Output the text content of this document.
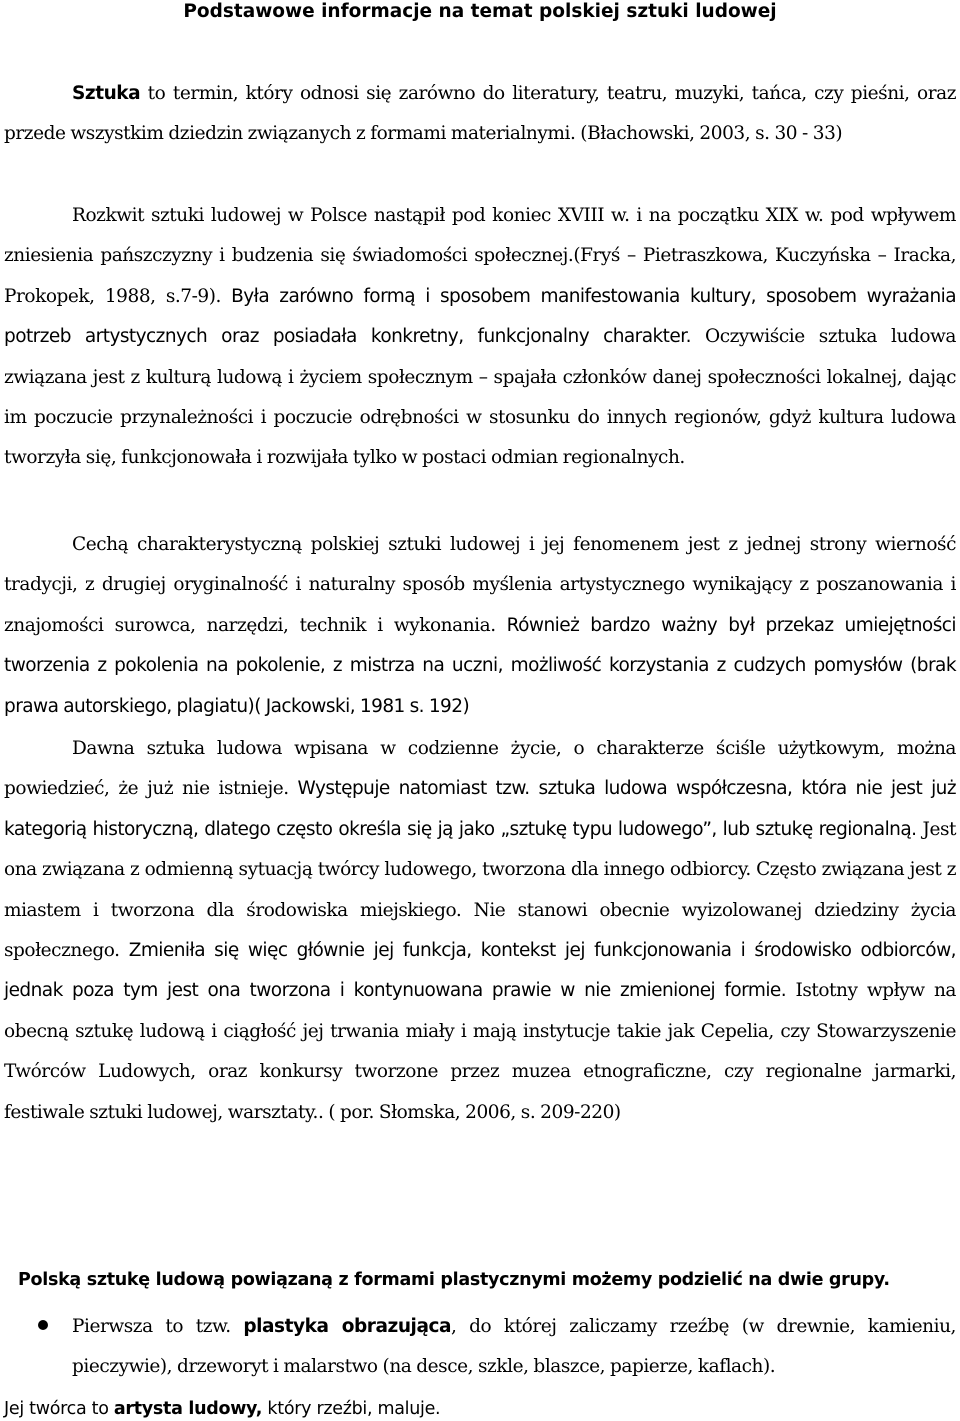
Podstawowe informacje na temat polskiej sztuki ludowej
Sztuka to termin, który odnosi się zarówno do literatury, teatru, muzyki, tańca, czy pieśni, oraz przede wszystkim dziedzin związanych z formami materialnymi. (Błachowski, 2003, s. 30 - 33)
Rozkwit sztuki ludowej w Polsce nastąpił pod koniec XVIII w. i na początku XIX w. pod wpływem zniesienia pańszczyzny i budzenia się świadomości społecznej.(Fryś – Pietraszkowa, Kuczyńska – Iracka, Prokopek, 1988, s.7-9). Była zarówno formą i sposobem manifestowania kultury, sposobem wyrażania potrzeb artystycznych oraz posiadała konkretny, funkcjonalny charakter. Oczywiście sztuka ludowa związana jest z kulturą ludową i życiem społecznym – spajała członków danej społeczności lokalnej, dając im poczucie przynależności i poczucie odrębności w stosunku do innych regionów, gdyż kultura ludowa tworzyła się, funkcjonowała i rozwijała tylko w postaci odmian regionalnych.
Cechą charakterystyczną polskiej sztuki ludowej i jej fenomenem jest z jednej strony wierność tradycji, z drugiej oryginalność i naturalny sposób myślenia artystycznego wynikający z poszanowania i znajomości surowca, narzędzi, technik i wykonania. Również bardzo ważny był przekaz umiejętności tworzenia z pokolenia na pokolenie, z mistrza na uczni, możliwość korzystania z cudzych pomysłów (brak prawa autorskiego, plagiatu)( Jackowski, 1981 s. 192)
Dawna sztuka ludowa wpisana w codzienne życie, o charakterze ściśle użytkowym, można powiedzieć, że już nie istnieje. Występuje natomiast tzw. sztuka ludowa współczesna, która nie jest już kategorią historyczną, dlatego często określa się ją jako „sztukę typu ludowego”, lub sztukę regionalną. Jest ona związana z odmienną sytuacją twórcy ludowego, tworzona dla innego odbiorcy. Często związana jest z miastem i tworzona dla środowiska miejskiego. Nie stanowi obecnie wyizolowanej dziedziny życia społecznego. Zmieniła się więc głównie jej funkcja, kontekst jej funkcjonowania i środowisko odbiorców, jednak poza tym jest ona tworzona i kontynuowana prawie w nie zmienionej formie. Istotny wpływ na obecną sztukę ludową i ciągłość jej trwania miały i mają instytucje takie jak Cepelia, czy Stowarzyszenie Twórców Ludowych, oraz konkursy tworzone przez muzea etnograficzne, czy regionalne jarmarki, festiwale sztuki ludowej, warsztaty.. ( por. Słomska, 2006, s. 209-220)
Polską sztukę ludową powiązaną z formami plastycznymi możemy podzielić na dwie grupy.
Pierwsza to tzw. plastyka obrazująca, do której zaliczamy rzeźbę (w drewnie, kamieniu, pieczywie), drzeworyt i malarstwo (na desce, szkle, blaszce, papierze, kaflach).
Jej twórca to artysta ludowy, który rzeźbi, maluje.
